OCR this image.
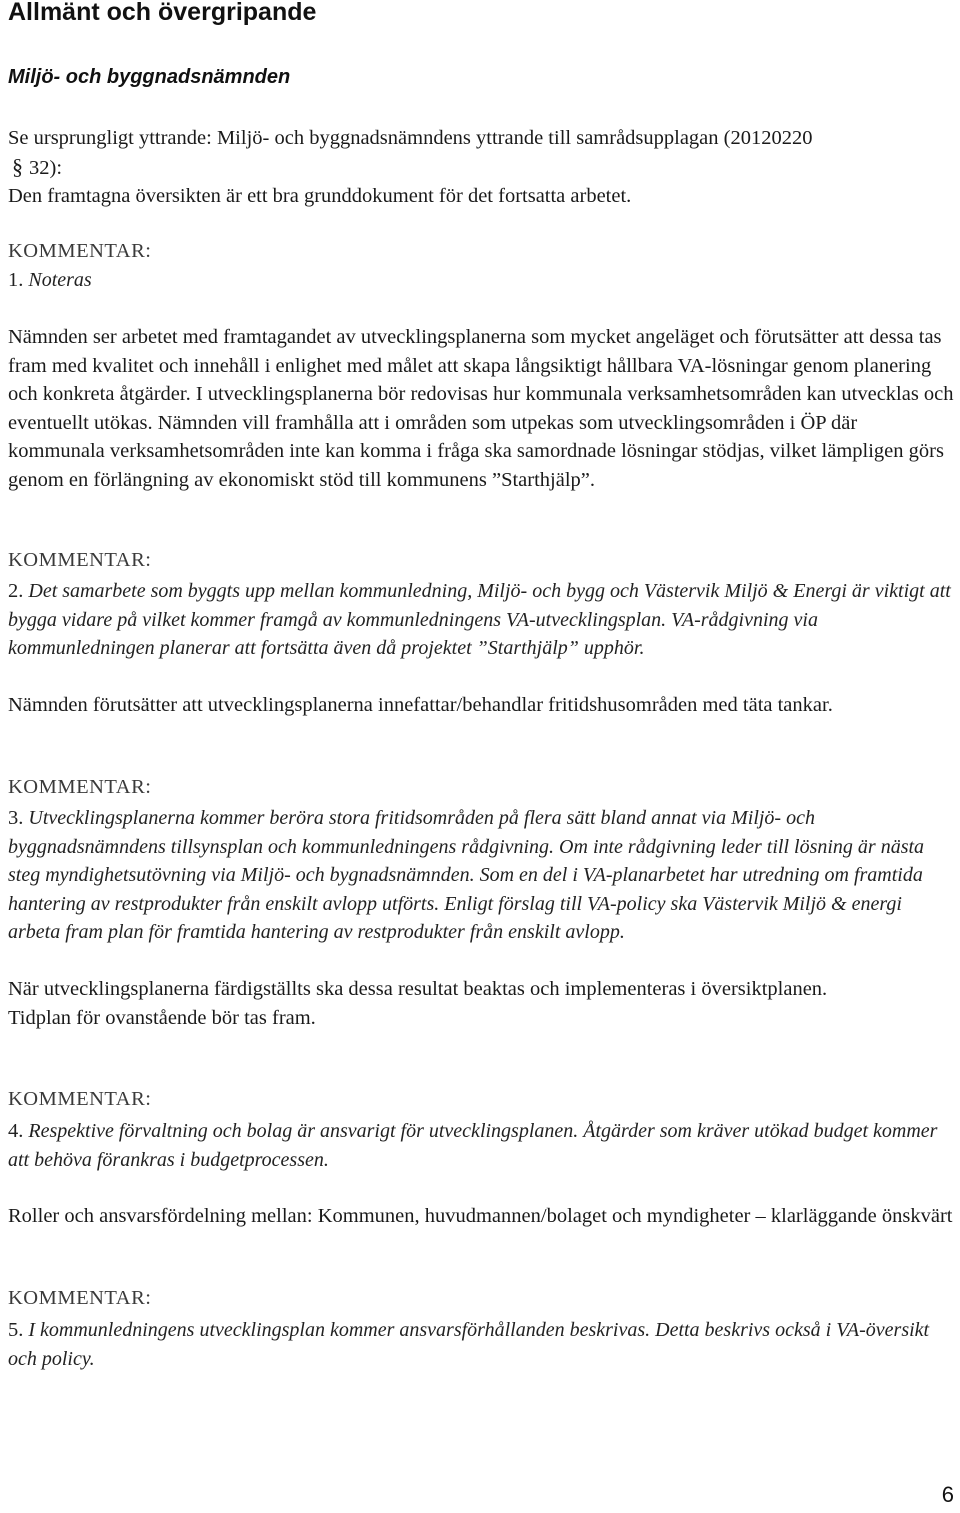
Allmänt och övergripande
Miljö- och byggnadsnämnden

Se ursprungligt yttrande: Miljö- och byggnadsnämndens yttrande till samrådsupplagan (20120220
§ 32):
Den framtagna översikten är ett bra grunddokument för det fortsatta arbetet.

KOMMENTAR:

1. Noteras

Nämnden ser arbetet med framtagandet av utvecklingsplanerna som mycket angeläget och förutsätter att dessa tas fram med kvalitet och innehåll i enlighet med målet att skapa långsiktigt hållbara VA-lösningar genom planering och konkreta åtgärder. I utvecklingsplanerna bör redovisas hur kommunala verksamhetsområden kan utvecklas och eventuellt utökas. Nämnden vill framhålla att i områden som utpekas som utvecklingsområden i ÖP där kommunala verksamhetsområden inte kan komma i fråga ska samordnade lösningar stödjas, vilket lämpligen görs genom en förlängning av ekonomiskt stöd till kommunens ”Starthjälp”.

KOMMENTAR:

2. Det samarbete som byggts upp mellan kommunledning, Miljö- och bygg och Västervik Miljö & Energi är viktigt att bygga vidare på vilket kommer framgå av kommunledningens VA-utvecklingsplan. VA-rådgivning via kommunledningen planerar att fortsätta även då projektet ”Starthjälp” upphör.

Nämnden förutsätter att utvecklingsplanerna innefattar/behandlar fritidshusområden med täta tankar.

KOMMENTAR:

3. Utvecklingsplanerna kommer beröra stora fritidsområden på flera sätt bland annat via Miljö- och byggnadsnämndens tillsynsplan och kommunledningens rådgivning. Om inte rådgivning leder till lösning är nästa steg myndighetsutövning via Miljö- och bygnadsnämnden. Som en del i VA-planarbetet har utredning om framtida hantering av restprodukter från enskilt avlopp utförts. Enligt förslag till VA-policy ska Västervik Miljö & energi arbeta fram plan för framtida hantering av restprodukter från enskilt avlopp.

När utvecklingsplanerna färdigställts ska dessa resultat beaktas och implementeras i översiktplanen.
Tidplan för ovanstående bör tas fram.

KOMMENTAR:

4. Respektive förvaltning och bolag är ansvarigt för utvecklingsplanen. Åtgärder som kräver utökad budget kommer att behöva förankras i budgetprocessen.

Roller och ansvarsfördelning mellan: Kommunen, huvudmannen/bolaget och myndigheter – klarläggande önskvärt

KOMMENTAR:

5. I kommunledningens utvecklingsplan kommer ansvarsförhållanden beskrivas. Detta beskrivs också i VA-översikt och policy.

6
